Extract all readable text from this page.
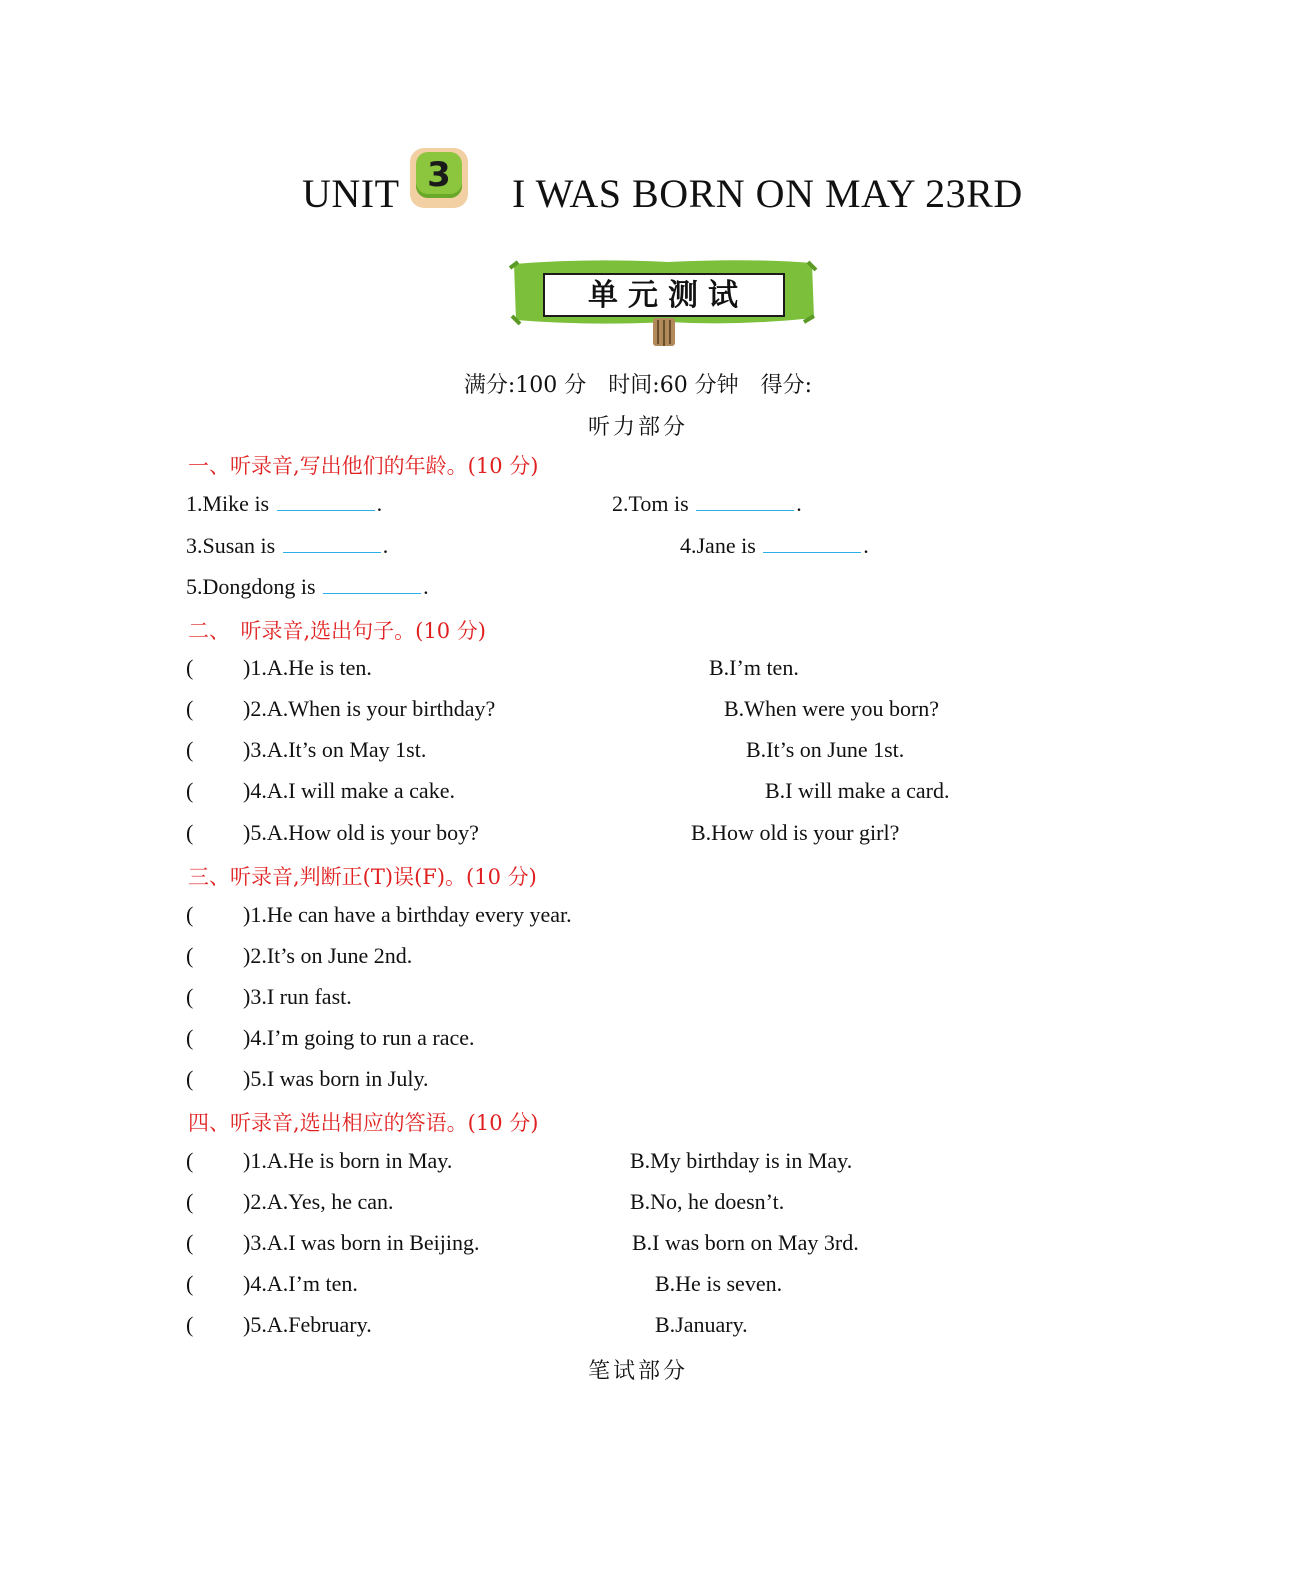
UNIT 3 I WAS BORN ON MAY 23RD
单元测试
满分:100 分　时间:60 分钟　得分:
听力部分
一、听录音,写出他们的年龄。(10 分)
1.Mike is	.	2.Tom is	.
3.Susan is	.	4.Jane is	.
5.Dongdong is	.
二、　听录音,选出句子。(10 分)
( )1.A.He is ten.	B.I’m ten.
( )2.A.When is your birthday?	B.When were you born?
( )3.A.It’s on May 1st.	B.It’s on June 1st.
( )4.A.I will make a cake.	B.I will make a card.
( )5.A.How old is your boy?	B.How old is your girl?
三、听录音,判断正(T)误(F)。(10 分)
( )1.He can have a birthday every year.
( )2.It’s on June 2nd.
( )3.I run fast.
( )4.I’m going to run a race.
( )5.I was born in July.
四、听录音,选出相应的答语。(10 分)
( )1.A.He is born in May.	B.My birthday is in May.
( )2.A.Yes, he can.	B.No, he doesn’t.
( )3.A.I was born in Beijing.	B.I was born on May 3rd.
( )4.A.I’m ten.	B.He is seven.
( )5.A.February.	B.January.
笔试部分
